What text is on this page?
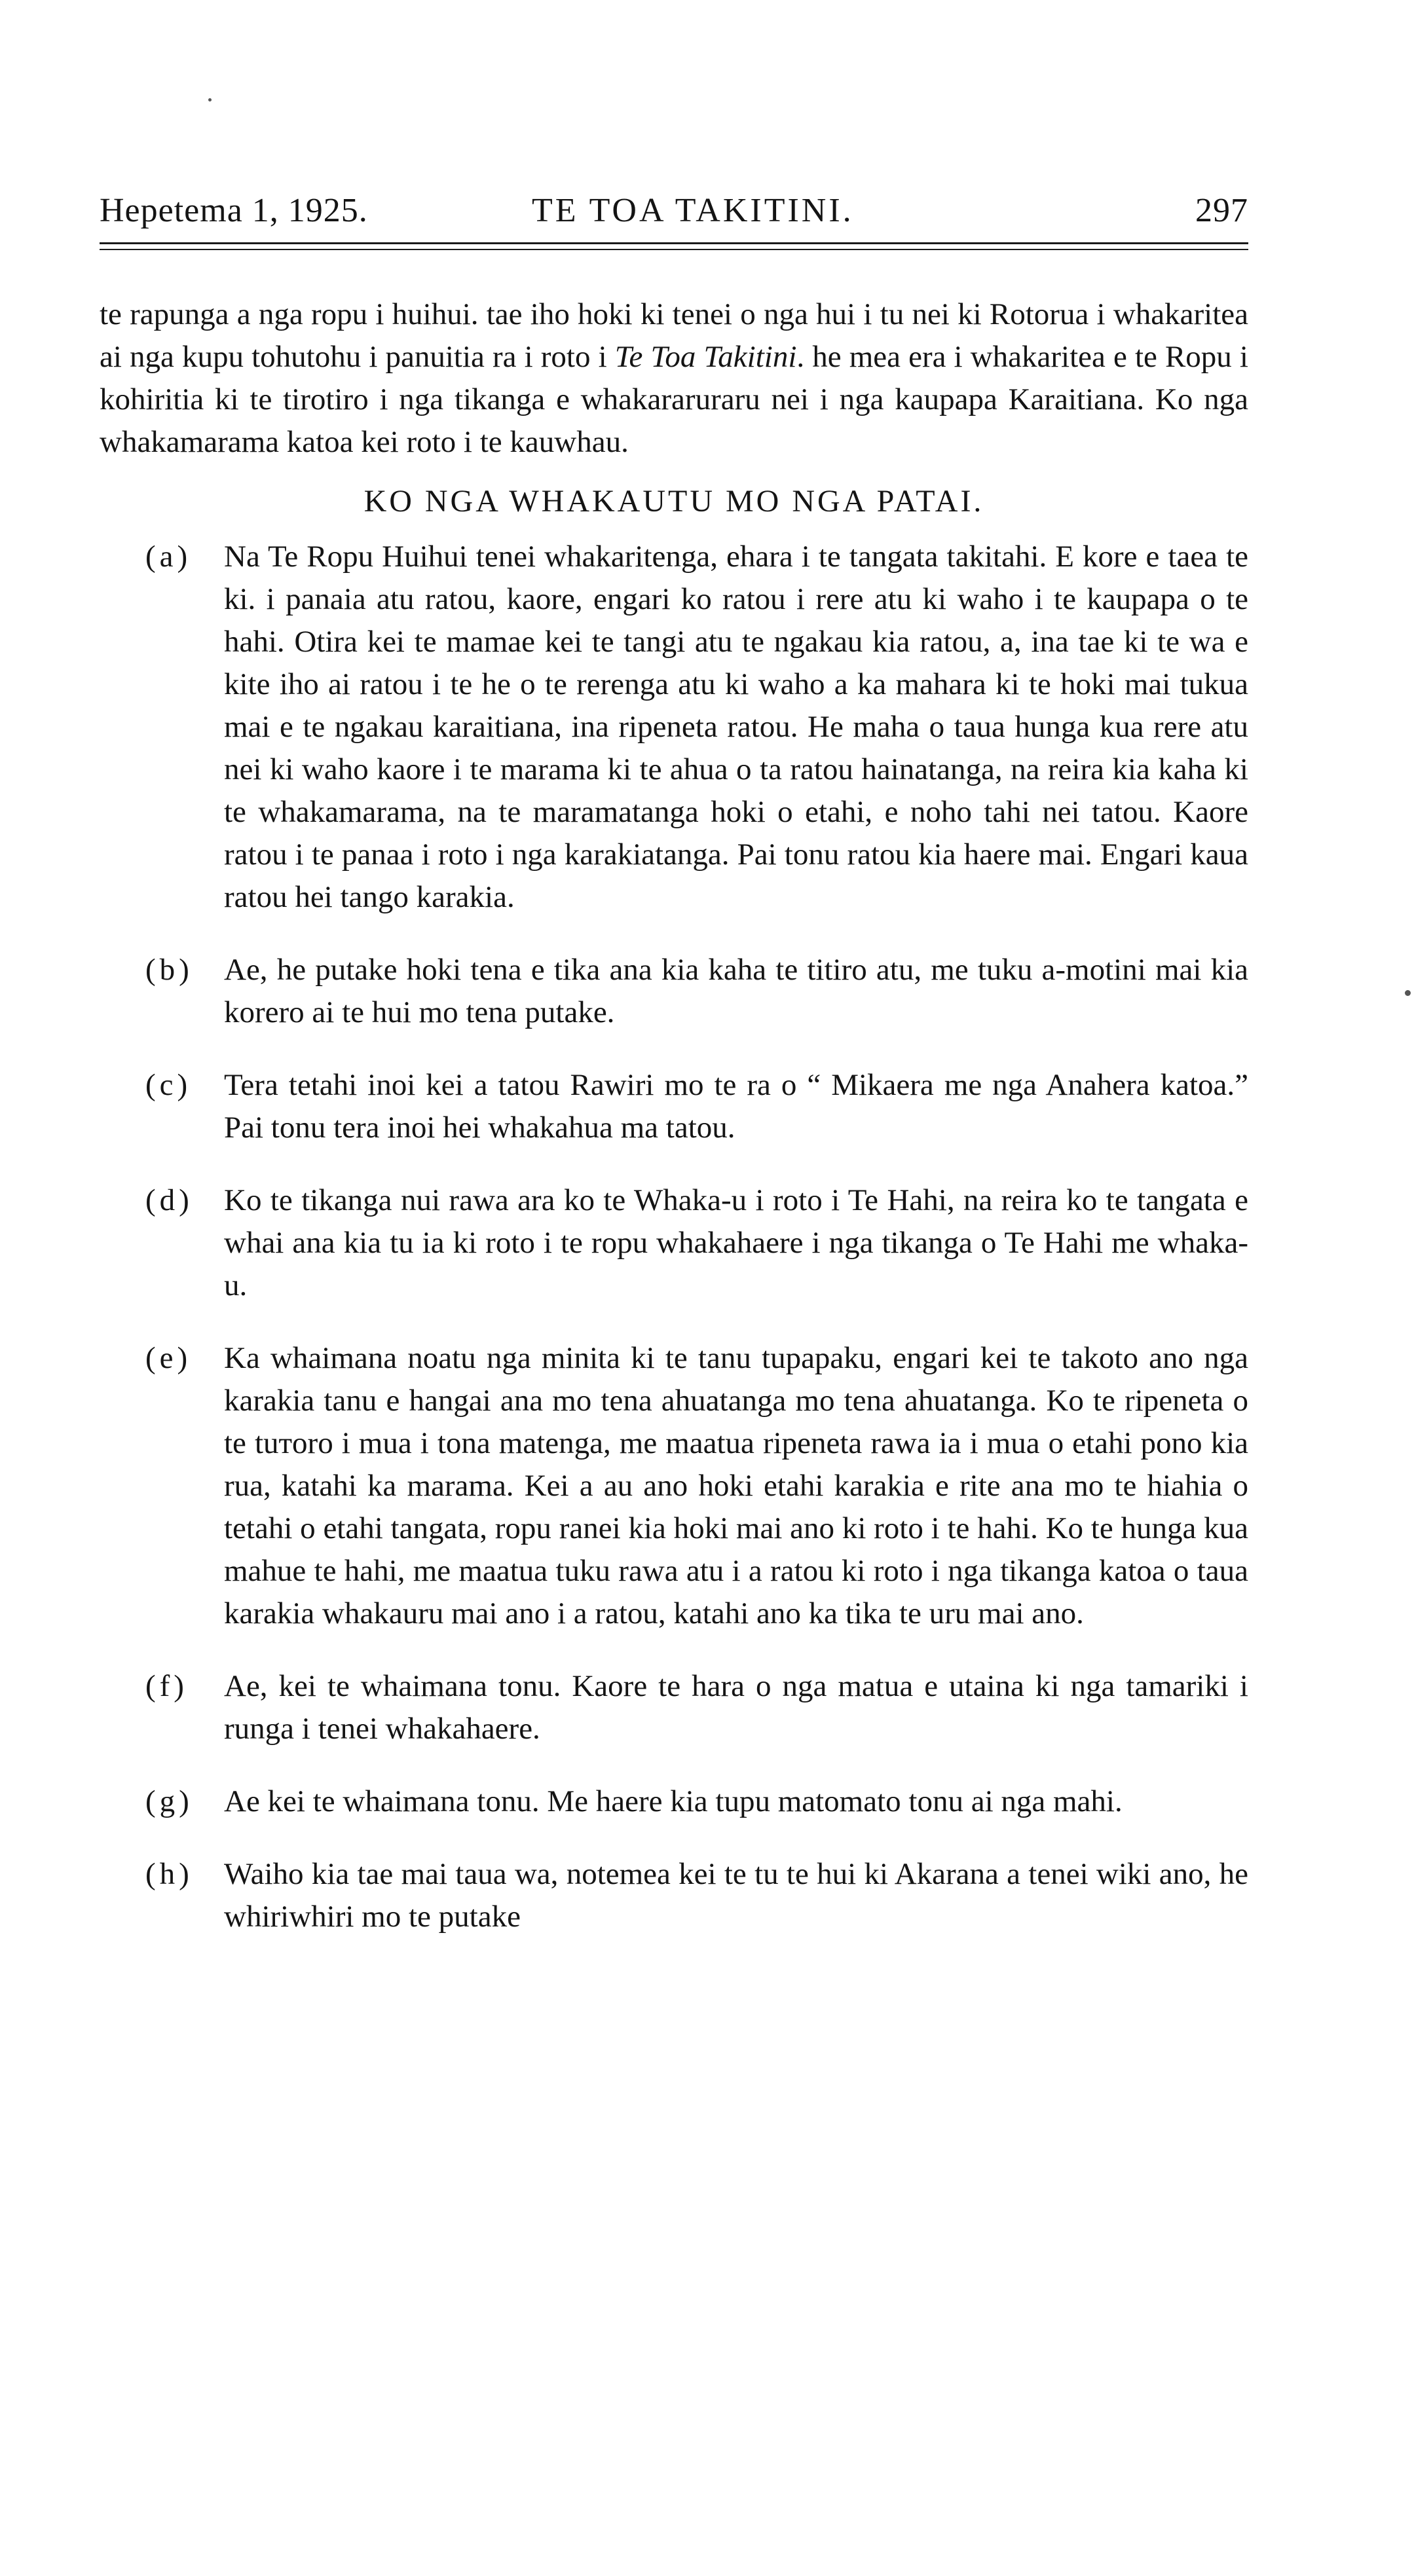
Hepetema 1, 1925.	TE TOA TAKITINI.	297

te rapunga a nga ropu i huihui. tae iho hoki ki tenei o nga hui i tu nei ki Rotorua i whakaritea ai nga kupu tohutohu i panuitia ra i roto i Te Toa Takitini. he mea era i whakaritea e te Ropu i kohiritia ki te tirotiro i nga tikanga e whakararuraru nei i nga kaupapa Karaitiana. Ko nga whakamarama katoa kei roto i te kauwhau.

KO NGA WHAKAUTU MO NGA PATAI.
(a)	Na Te Ropu Huihui tenei whakaritenga, ehara i te tangata takitahi. E kore e taea te ki. i panaia atu ratou, kaore, engari ko ratou i rere atu ki waho i te kaupapa o te hahi. Otira kei te mamae kei te tangi atu te ngakau kia ratou, a, ina tae ki te wa e kite iho ai ratou i te he o te rerenga atu ki waho a ka mahara ki te hoki mai tukua mai e te ngakau karaitiana, ina ripeneta ratou. He maha o taua hunga kua rere atu nei ki waho kaore i te marama ki te ahua o ta ratou hainatanga, na reira kia kaha ki te whakamarama, na te maramatanga hoki o etahi, e noho tahi nei tatou. Kaore ratou i te panaa i roto i nga karakiatanga. Pai tonu ratou kia haere mai. Engari kaua ratou hei tango karakia.
(b)	Ae, he putake hoki tena e tika ana kia kaha te titiro atu, me tuku a-motini mai kia korero ai te hui mo tena putake.
(c)	Tera tetahi inoi kei a tatou Rawiri mo te ra o “ Mikaera me nga Anahera katoa.” Pai tonu tera inoi hei whakahua ma tatou.
(d)	Ko te tikanga nui rawa ara ko te Whaka-u i roto i Te Hahi, na reira ko te tangata e whai ana kia tu ia ki roto i te ropu whakahaere i nga tikanga o Te Hahi me whaka-u.
(e)	Ka whaimana noatu nga minita ki te tanu tupapaku, engari kei te takoto ano nga karakia tanu e hangai ana mo tena ahuatanga mo tena ahuatanga. Ko te ripeneta o te tuтoro i mua i tona matenga, me maatua ripeneta rawa ia i mua o etahi pono kia rua, katahi ka marama. Kei a au ano hoki etahi karakia e rite ana mo te hiahia o tetahi o etahi tangata, ropu ranei kia hoki mai ano ki roto i te hahi. Ko te hunga kua mahue te hahi, me maatua tuku rawa atu i a ratou ki roto i nga tikanga katoa o taua karakia whakauru mai ano i a ratou, katahi ano ka tika te uru mai ano.
(f)	Ae, kei te whaimana tonu. Kaore te hara o nga matua e utaina ki nga tamariki i runga i tenei whakahaere.
(g)	Ae kei te whaimana tonu. Me haere kia tupu matomato tonu ai nga mahi.
(h)	Waiho kia tae mai taua wa, notemea kei te tu te hui ki Akarana a tenei wiki ano, he whiriwhiri mo te putake
